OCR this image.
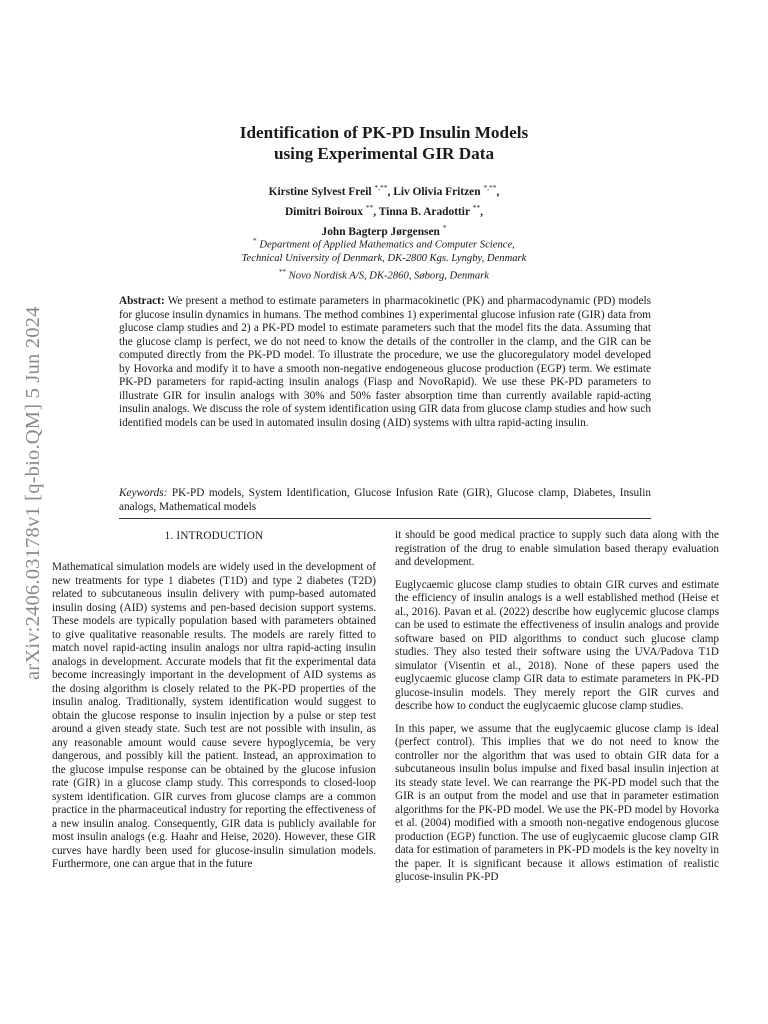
arXiv:2406.03178v1 [q-bio.QM] 5 Jun 2024
Identification of PK-PD Insulin Models
using Experimental GIR Data
Kirstine Sylvest Freil *,**, Liv Olivia Fritzen *,**,
Dimitri Boiroux **, Tinna B. Aradottir **,
John Bagterp Jørgensen *
* Department of Applied Mathematics and Computer Science,
Technical University of Denmark, DK-2800 Kgs. Lyngby, Denmark
** Novo Nordisk A/S, DK-2860, Søborg, Denmark
Abstract: We present a method to estimate parameters in pharmacokinetic (PK) and pharmacodynamic (PD) models for glucose insulin dynamics in humans. The method combines 1) experimental glucose infusion rate (GIR) data from glucose clamp studies and 2) a PK-PD model to estimate parameters such that the model fits the data. Assuming that the glucose clamp is perfect, we do not need to know the details of the controller in the clamp, and the GIR can be computed directly from the PK-PD model. To illustrate the procedure, we use the glucoregulatory model developed by Hovorka and modify it to have a smooth non-negative endogeneous glucose production (EGP) term. We estimate PK-PD parameters for rapid-acting insulin analogs (Fiasp and NovoRapid). We use these PK-PD parameters to illustrate GIR for insulin analogs with 30% and 50% faster absorption time than currently available rapid-acting insulin analogs. We discuss the role of system identification using GIR data from glucose clamp studies and how such identified models can be used in automated insulin dosing (AID) systems with ultra rapid-acting insulin.
Keywords: PK-PD models, System Identification, Glucose Infusion Rate (GIR), Glucose clamp, Diabetes, Insulin analogs, Mathematical models
1. INTRODUCTION

Mathematical simulation models are widely used in the development of new treatments for type 1 diabetes (T1D) and type 2 diabetes (T2D) related to subcutaneous insulin delivery with pump-based automated insulin dosing (AID) systems and pen-based decision support systems. These models are typically population based with parameters obtained to give qualitative reasonable results. The models are rarely fitted to match novel rapid-acting insulin analogs nor ultra rapid-acting insulin analogs in development. Accurate models that fit the experimental data become increasingly important in the development of AID systems as the dosing algorithm is closely related to the PK-PD properties of the insulin analog. Traditionally, system identification would suggest to obtain the glucose response to insulin injection by a pulse or step test around a given steady state. Such test are not possible with insulin, as any reasonable amount would cause severe hypoglycemia, be very dangerous, and possibly kill the patient. Instead, an approximation to the glucose impulse response can be obtained by the glucose infusion rate (GIR) in a glucose clamp study. This corresponds to closed-loop system identification. GIR curves from glucose clamps are a common practice in the pharmaceutical industry for reporting the effectiveness of a new insulin analog. Consequently, GIR data is publicly available for most insulin analogs (e.g. Haahr and Heise, 2020). However, these GIR curves have hardly been used for glucose-insulin simulation models. Furthermore, one can argue that in the future

it should be good medical practice to supply such data along with the registration of the drug to enable simulation based therapy evaluation and development.

Euglycaemic glucose clamp studies to obtain GIR curves and estimate the efficiency of insulin analogs is a well established method (Heise et al., 2016). Pavan et al. (2022) describe how euglycemic glucose clamps can be used to estimate the effectiveness of insulin analogs and provide software based on PID algorithms to conduct such glucose clamp studies. They also tested their software using the UVA/Padova T1D simulator (Visentin et al., 2018). None of these papers used the euglycaemic glucose clamp GIR data to estimate parameters in PK-PD glucose-insulin models. They merely report the GIR curves and describe how to conduct the euglycaemic glucose clamp studies.

In this paper, we assume that the euglycaemic glucose clamp is ideal (perfect control). This implies that we do not need to know the controller nor the algorithm that was used to obtain GIR data for a subcutaneous insulin bolus impulse and fixed basal insulin injection at its steady state level. We can rearrange the PK-PD model such that the GIR is an output from the model and use that in parameter estimation algorithms for the PK-PD model. We use the PK-PD model by Hovorka et al. (2004) modified with a smooth non-negative endogenous glucose production (EGP) function. The use of euglycaemic glucose clamp GIR data for estimation of parameters in PK-PD models is the key novelty in the paper. It is significant because it allows estimation of realistic glucose-insulin PK-PD
